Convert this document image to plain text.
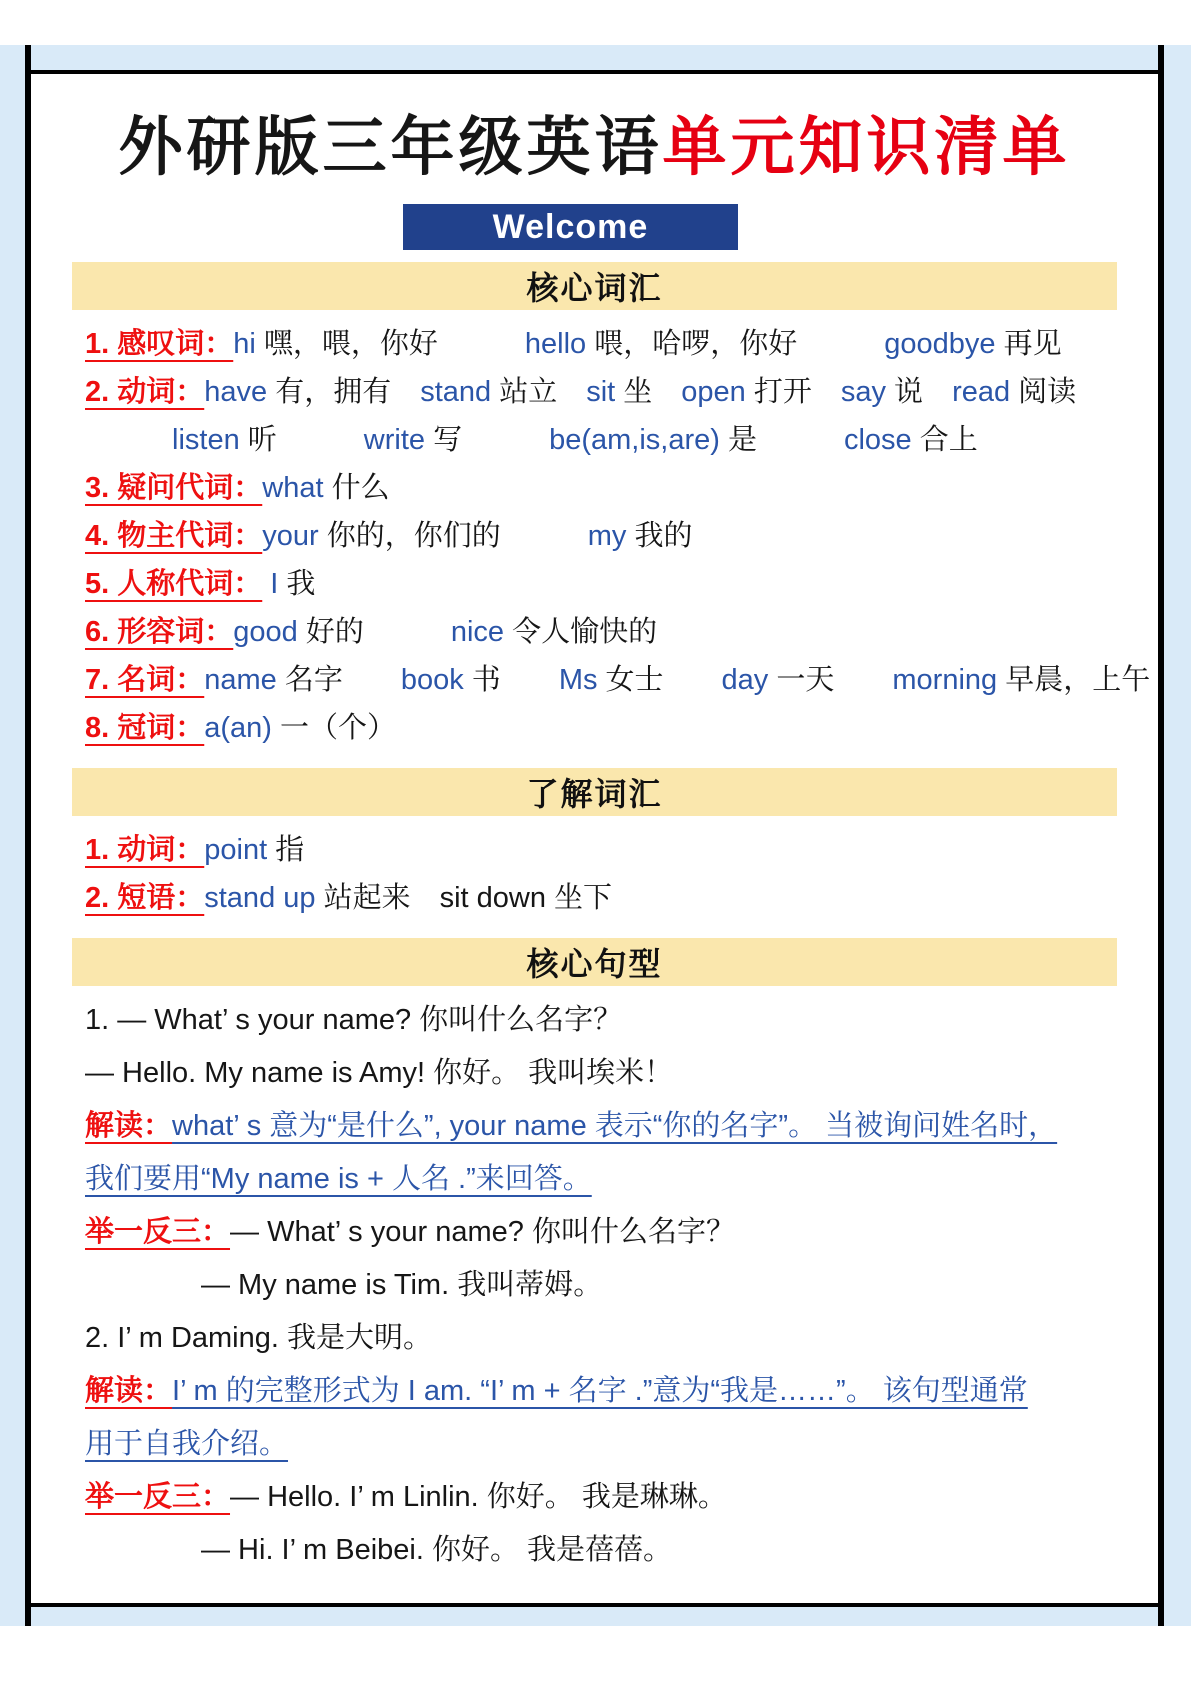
外研版三年级英语单元知识清单
Welcome
核心词汇
1. 感叹词：hi 嘿，喂，你好　　　hello 喂，哈啰，你好　　　goodbye 再见
2. 动词：have 有，拥有　stand 站立　sit 坐　open 打开　say 说　read 阅读
　　　listen 听　　　write 写　　　be(am,is,are) 是　　　close 合上
3. 疑问代词：what 什么
4. 物主代词：your 你的，你们的　　　my 我的
5. 人称代词： I 我
6. 形容词：good 好的　　　nice 令人愉快的
7. 名词：name 名字　　book 书　　Ms 女士　　day 一天　　morning 早晨，上午
8. 冠词：a(an) 一（个）
了解词汇
1. 动词：point 指
2. 短语：stand up 站起来　sit down 坐下
核心句型
1. — What’ s your name? 你叫什么名字？
— Hello. My name is Amy! 你好。 我叫埃米！
解读：what’ s 意为“是什么”, your name 表示“你的名字”。 当被询问姓名时，
我们要用“My name is + 人名 .”来回答。
举一反三：— What’ s your name? 你叫什么名字？
　　　　— My name is Tim. 我叫蒂姆。
2. I’ m Daming. 我是大明。
解读：I’ m 的完整形式为 I am. “I’ m + 名字 .”意为“我是……”。 该句型通常
用于自我介绍。
举一反三：— Hello. I’ m Linlin. 你好。 我是琳琳。
　　　　— Hi. I’ m Beibei. 你好。 我是蓓蓓。
